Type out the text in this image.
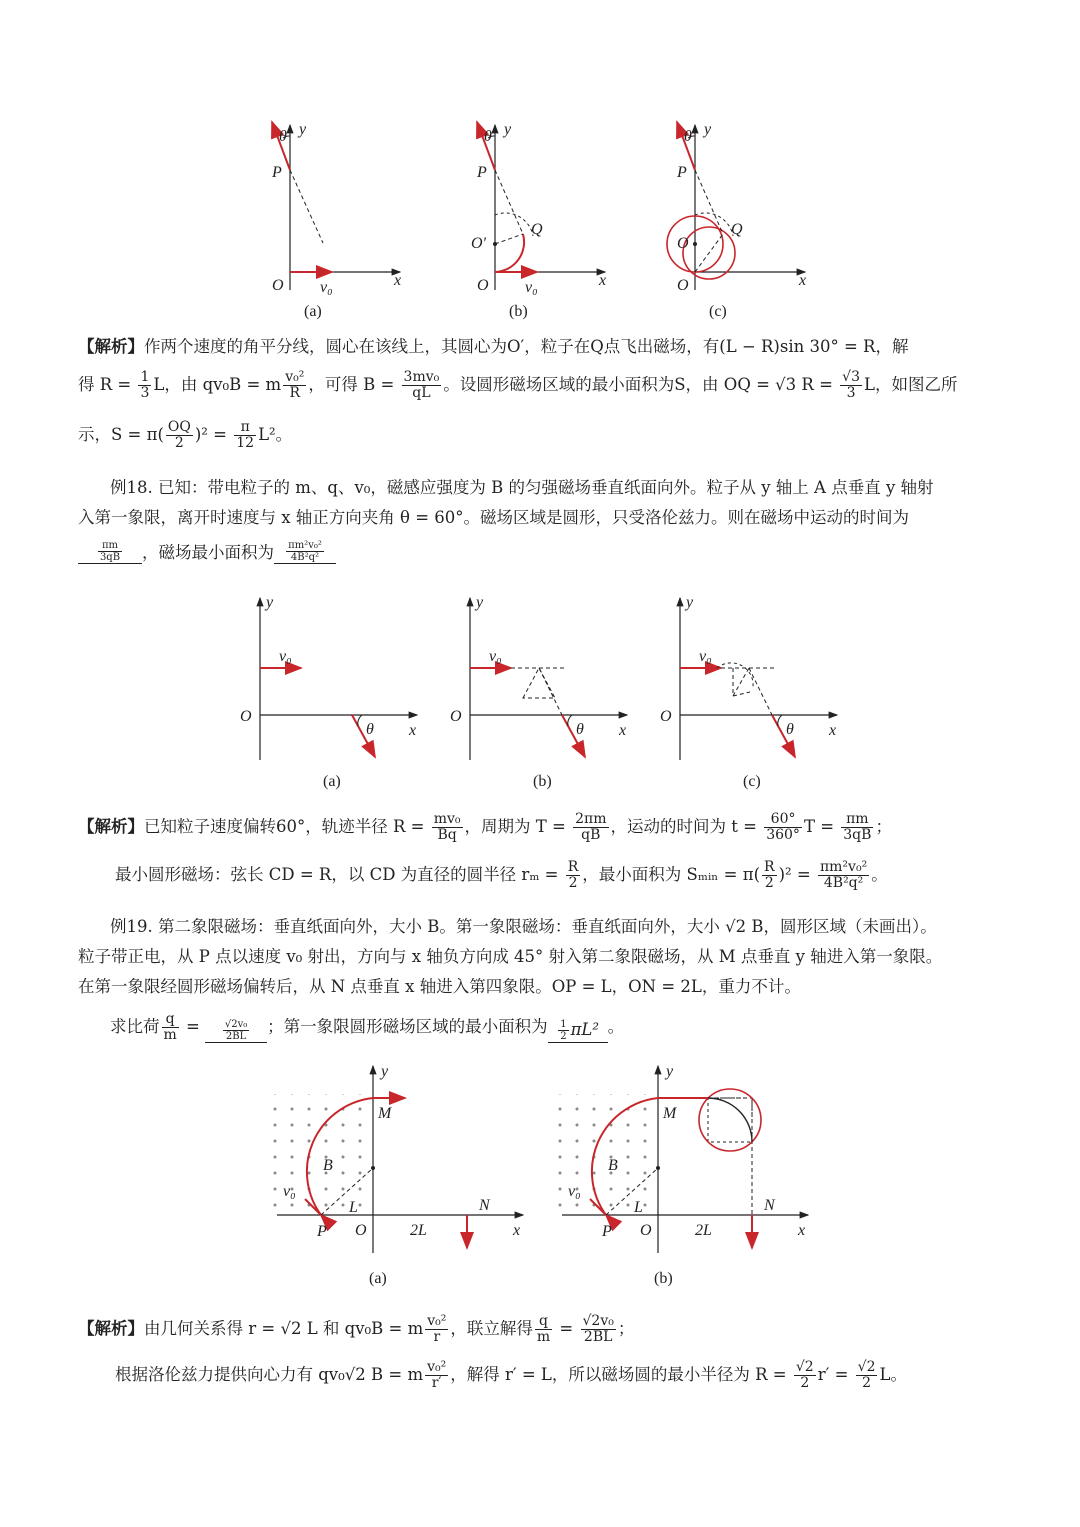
θ y
P
O v₀	x
(a)
θ y
P
Q
O′
O v₀	x
(b)
θ y
P
Q
O
O	x
(c)
【解析】作两个速度的角平分线，圆心在该线上，其圆心为O′，粒子在Q点飞出磁场，有(L − R)sin 30° = R，解
得 $R = \frac{1}{3}$ L，由 qv₀B = m $\frac{\text{v₀²}}{R}$ ，可得 $B = \frac{\text{3mv₀}}{qL}$ 。设圆形磁场区域的最小面积为S，由 OQ = √3 $R = \frac{√3}{3}$ L，如图乙所
示，$S = \pi( \frac{OQ}{2} )^2 = \frac{\pi}{12} L^2$。
例18. 已知：带电粒子的 m、q、v₀，磁感应强度为 B 的匀强磁场垂直纸面向外。粒子从 y 轴上 A 点垂直 y 轴射
入第一象限，离开时速度与 x 轴正方向夹角 θ = 60°。磁场区域是圆形，只受洛伦兹力。则在磁场中运动的时间为
$\frac{\pi m}{3qB}$ ，磁场最小面积为 $\frac{\text{πm²v₀²}}{\text{4B²q²}}$
y
v₀
O
θ x
(a)
y
v₀
O
θ x
(b)
y
v₀
O
θ x
(c)
【解析】已知粒子速度偏转60°，轨迹半径 $R = \frac{\text{mv₀}}{Bq}$ ，周期为 $T = \frac{2\pi m}{qB}$ ，运动的时间为 $t = \frac{60^\circ}{360^\circ}$ $T = \frac{\pi m}{3qB}$ ；
最小圆形磁场：弦长 CD = R，以 CD 为直径的圆半径 $r_m = \frac{R}{2}$ ，最小面积为 Sₘᵢₙ = $\pi( \frac{R}{2} )^2 = \frac{\text{πm²v₀²}}{\text{4B²q²}}$ 。
例19. 第二象限磁场：垂直纸面向外，大小 B。第一象限磁场：垂直纸面向外，大小 √2 B，圆形区域（未画出）。
粒子带正电，从 P 点以速度 v₀ 射出，方向与 x 轴负方向成 45° 射入第二象限磁场，从 M 点垂直 y 轴进入第一象限。
在第一象限经圆形磁场偏转后，从 N 点垂直 x 轴进入第四象限。OP = L，ON = 2L，重力不计。
求比荷 $\frac{q}{m} = \frac{\text{√2v₀}}{2BL}$ ；第一象限圆形磁场区域的最小面积为 $\frac{1}{2} \pi L^2$ 。
y
M
B
v₀
L
P O	2L
N
x
(a)
y
M
B
v₀
L
P O	2L
N
x
(b)
【解析】由几何关系得 r = √2 L 和 qv₀B = m $\frac{\text{v₀²}}{r}$ ，联立解得 $\frac{q}{m} = \frac{\text{√2v₀}}{2BL}$ ；
根据洛伦兹力提供向心力有 qv₀√2 B = m $\frac{\text{v₀²}}{r'}$ ，解得 r′ = L，所以磁场圆的最小半径为 $R = \frac{√2}{2} r' = \frac{√2}{2}$ L。
